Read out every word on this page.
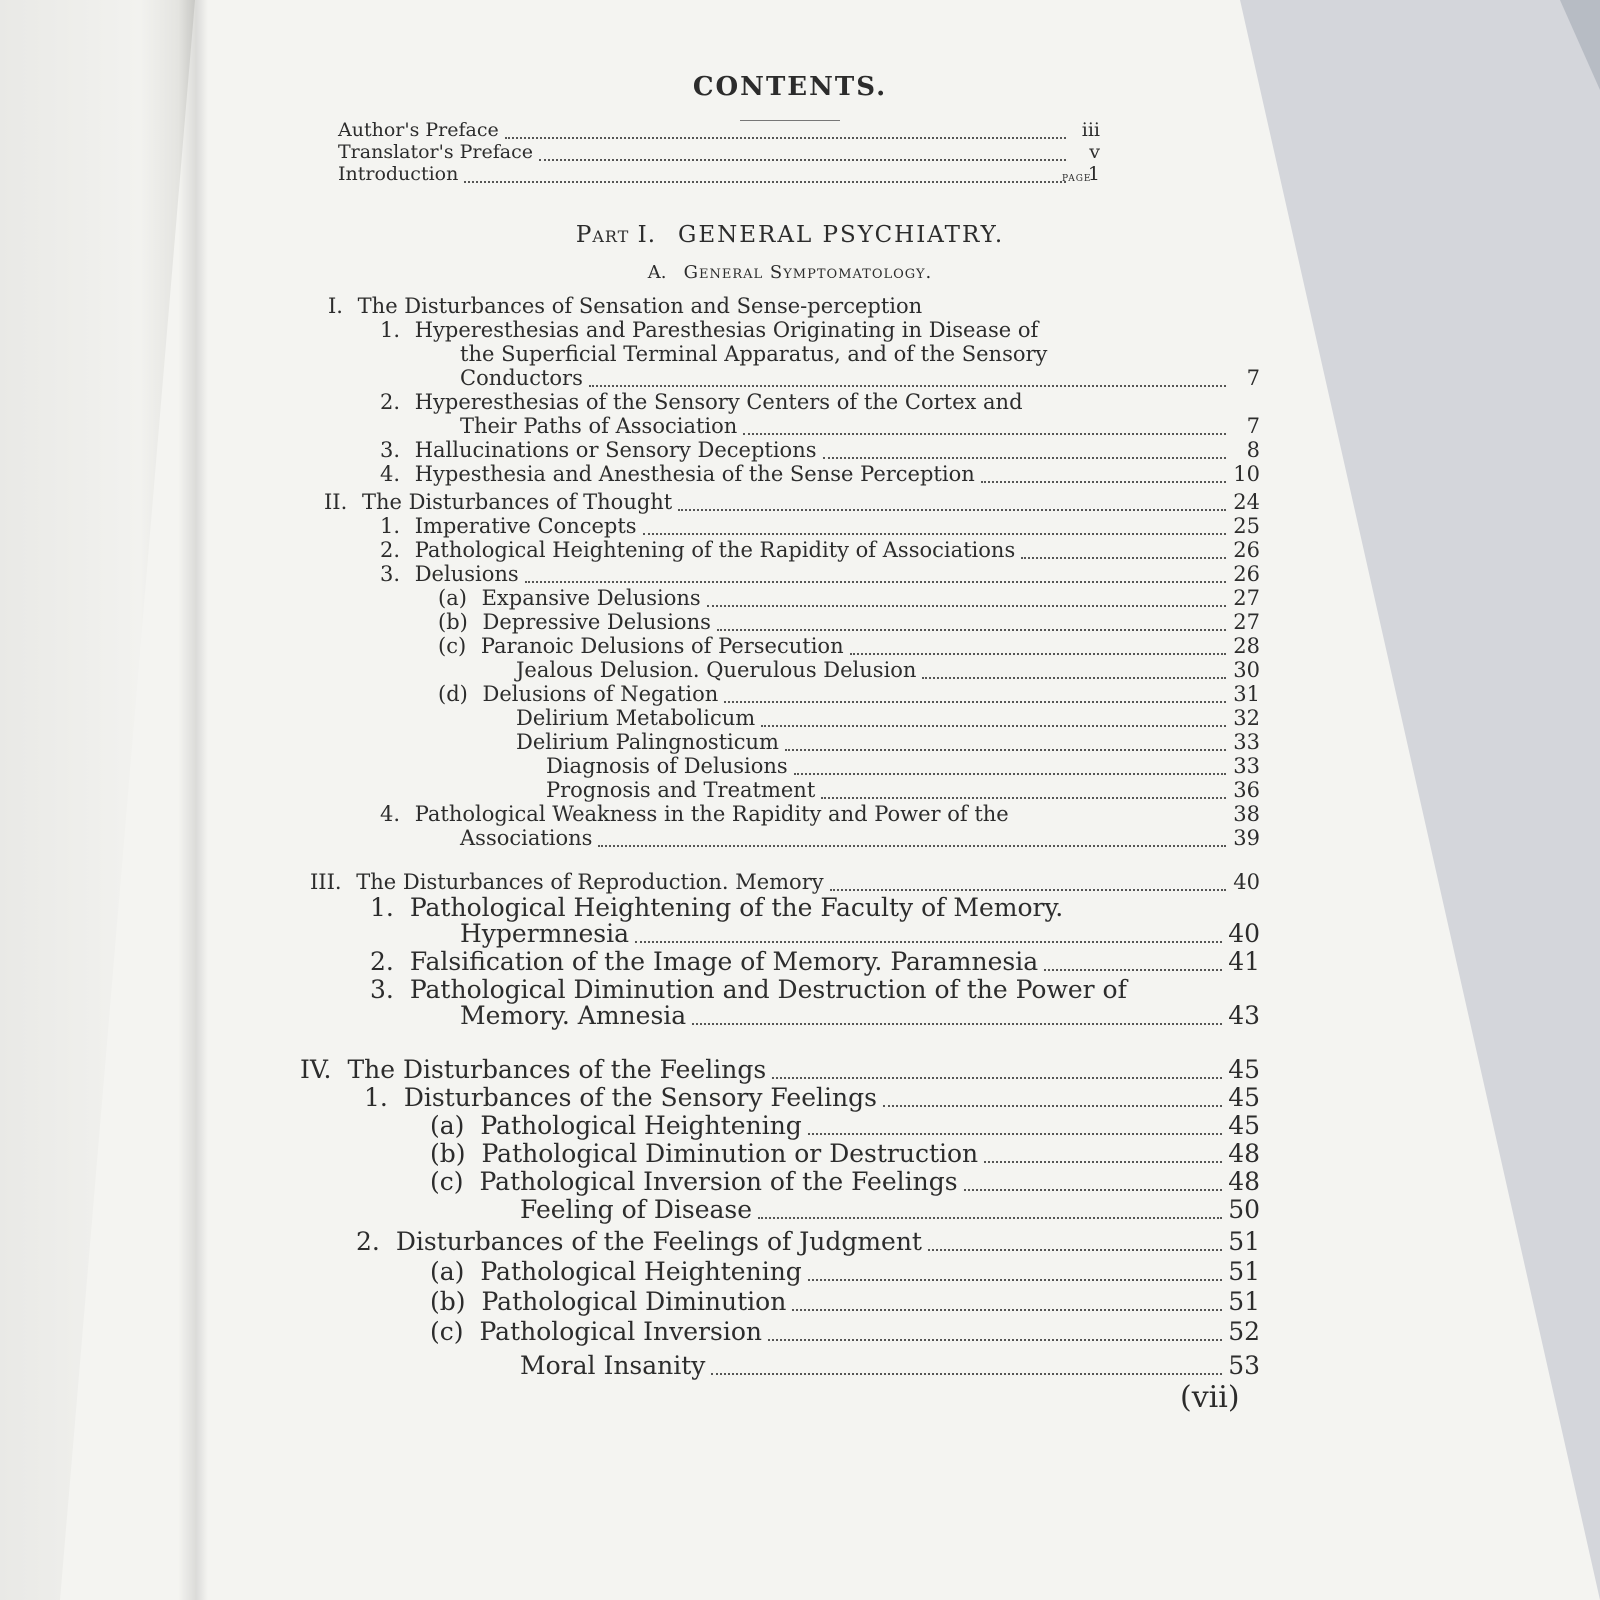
CONTENTS.
PAGE
Author's Preface	iii
Translator's Preface	v
Introduction	1
Part I. GENERAL PSYCHIATRY.
A. General Symptomatology.
I. The Disturbances of Sensation and Sense-perception
1. Hyperesthesias and Paresthesias Originating in Disease of
the Superficial Terminal Apparatus, and of the Sensory
Conductors	7
2. Hyperesthesias of the Sensory Centers of the Cortex and
Their Paths of Association	7
3. Hallucinations or Sensory Deceptions	8
4. Hypesthesia and Anesthesia of the Sense Perception	10
II. The Disturbances of Thought	24
1. Imperative Concepts	25
2. Pathological Heightening of the Rapidity of Associations	26
3. Delusions	26
(a) Expansive Delusions	27
(b) Depressive Delusions	27
(c) Paranoic Delusions of Persecution	28
Jealous Delusion. Querulous Delusion	30
(d) Delusions of Negation	31
Delirium Metabolicum	32
Delirium Palingnosticum	33
Diagnosis of Delusions	33
Prognosis and Treatment	36
4. Pathological Weakness in the Rapidity and Power of the	38
Associations	39
III. The Disturbances of Reproduction. Memory	40
1. Pathological Heightening of the Faculty of Memory.
Hypermnesia	40
2. Falsification of the Image of Memory. Paramnesia	41
3. Pathological Diminution and Destruction of the Power of
Memory. Amnesia	43
IV. The Disturbances of the Feelings	45
1. Disturbances of the Sensory Feelings	45
(a) Pathological Heightening	45
(b) Pathological Diminution or Destruction	48
(c) Pathological Inversion of the Feelings	48
Feeling of Disease	50
2. Disturbances of the Feelings of Judgment	51
(a) Pathological Heightening	51
(b) Pathological Diminution	51
(c) Pathological Inversion	52
Moral Insanity	53
(vii)
